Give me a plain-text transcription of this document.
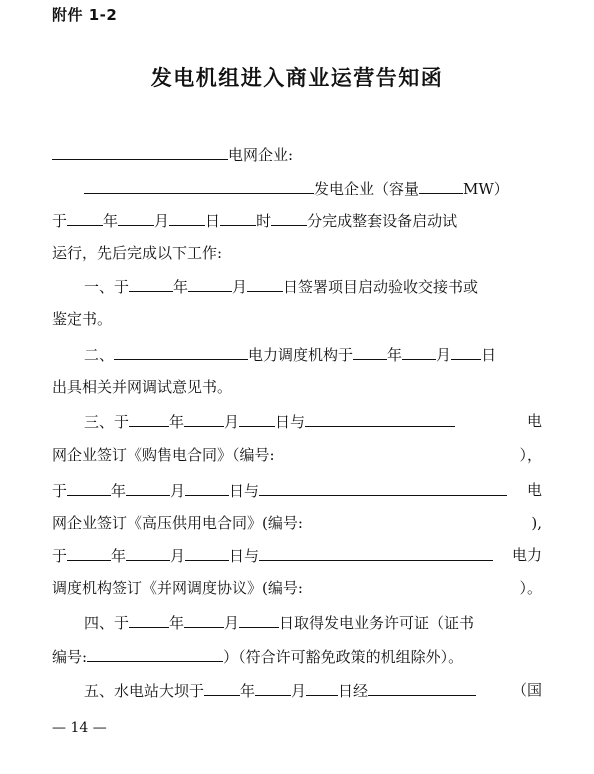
附件 1-2
发电机组进入商业运营告知函
电网企业:
发电企业（容量	MW）
于 年 月 日 时 分完成整套设备启动试
运行，先后完成以下工作:
一、于	年	月 日签署项目启动验收交接书或
鉴定书。
二、	电力调度机构于 年 月 日
出具相关并网调试意见书。
三、于	年	月 日与	电
网企业签订《购售电合同》（编号:	），
于	年	月	日与	电
网企业签订《高压供用电合同》(编号:	),
于	年	月	日与	电力
调度机构签订《并网调度协议》(编号:	）。
四、于	年	月	日取得发电业务许可证（证书
编号:	）（符合许可豁免政策的机组除外）。
五、水电站大坝于 年 月 日经	（国
— 14 —
